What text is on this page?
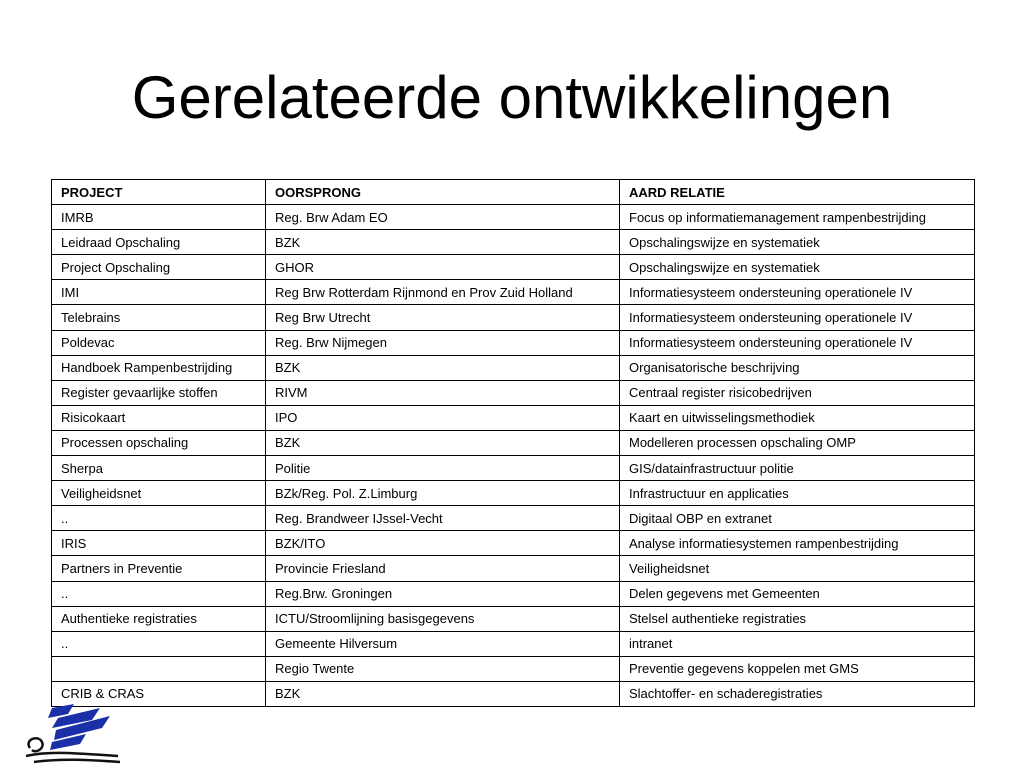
Gerelateerde ontwikkelingen
PROJECT	OORSPRONG	AARD RELATIE
IMRB	Reg. Brw Adam EO	Focus op informatiemanagement rampenbestrijding
Leidraad Opschaling	BZK	Opschalingswijze en systematiek
Project Opschaling	GHOR	Opschalingswijze en systematiek
IMI	Reg Brw Rotterdam Rijnmond en Prov Zuid Holland	Informatiesysteem ondersteuning operationele IV
Telebrains	Reg Brw Utrecht	Informatiesysteem ondersteuning operationele IV
Poldevac	Reg. Brw Nijmegen	Informatiesysteem ondersteuning operationele IV
Handboek Rampenbestrijding	BZK	Organisatorische beschrijving
Register gevaarlijke stoffen	RIVM	Centraal register risicobedrijven
Risicokaart	IPO	Kaart en uitwisselingsmethodiek
Processen opschaling	BZK	Modelleren processen opschaling OMP
Sherpa	Politie	GIS/datainfrastructuur politie
Veiligheidsnet	BZk/Reg. Pol. Z.Limburg	Infrastructuur en applicaties
..	Reg. Brandweer IJssel-Vecht	Digitaal OBP en extranet
IRIS	BZK/ITO	Analyse informatiesystemen rampenbestrijding
Partners in Preventie	Provincie Friesland	Veiligheidsnet
..	Reg.Brw. Groningen	Delen gegevens met Gemeenten
Authentieke registraties	ICTU/Stroomlijning basisgegevens	Stelsel authentieke registraties
..	Gemeente Hilversum	intranet
	Regio Twente	Preventie gegevens koppelen met GMS
CRIB & CRAS	BZK	Slachtoffer- en schaderegistraties
